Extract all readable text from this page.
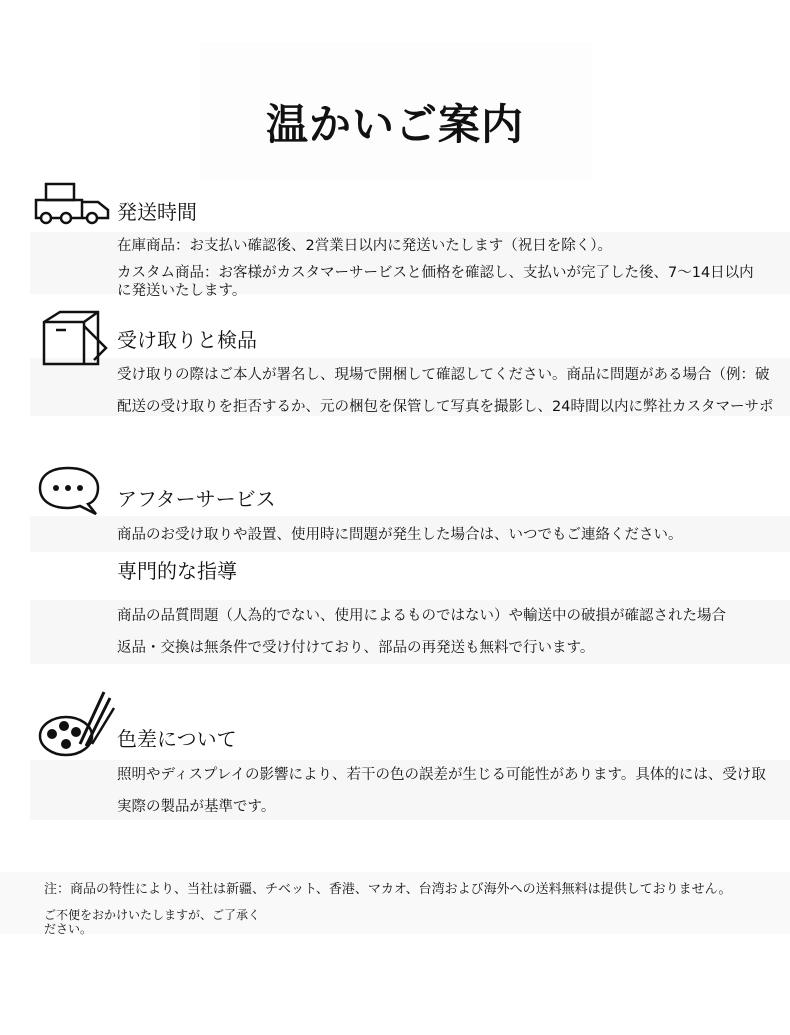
温かいご案内
発送時間
在庫商品：お支払い確認後、2営業日以内に発送いたします（祝日を除く）。
カスタム商品：お客様がカスタマーサービスと価格を確認し、支払いが完了した後、7〜14日以内
に発送いたします。
受け取りと検品
受け取りの際はご本人が署名し、現場で開梱して確認してください。商品に問題がある場合（例：破
配送の受け取りを拒否するか、元の梱包を保管して写真を撮影し、24時間以内に弊社カスタマーサポ
アフターサービス
商品のお受け取りや設置、使用時に問題が発生した場合は、いつでもご連絡ください。
専門的な指導
商品の品質問題（人為的でない、使用によるものではない）や輸送中の破損が確認された場合
返品・交換は無条件で受け付けており、部品の再発送も無料で行います。
色差について
照明やディスプレイの影響により、若干の色の誤差が生じる可能性があります。具体的には、受け取
実際の製品が基準です。
注：商品の特性により、当社は新疆、チベット、香港、マカオ、台湾および海外への送料無料は提供しておりません。
ご不便をおかけいたしますが、ご了承く
ださい。
